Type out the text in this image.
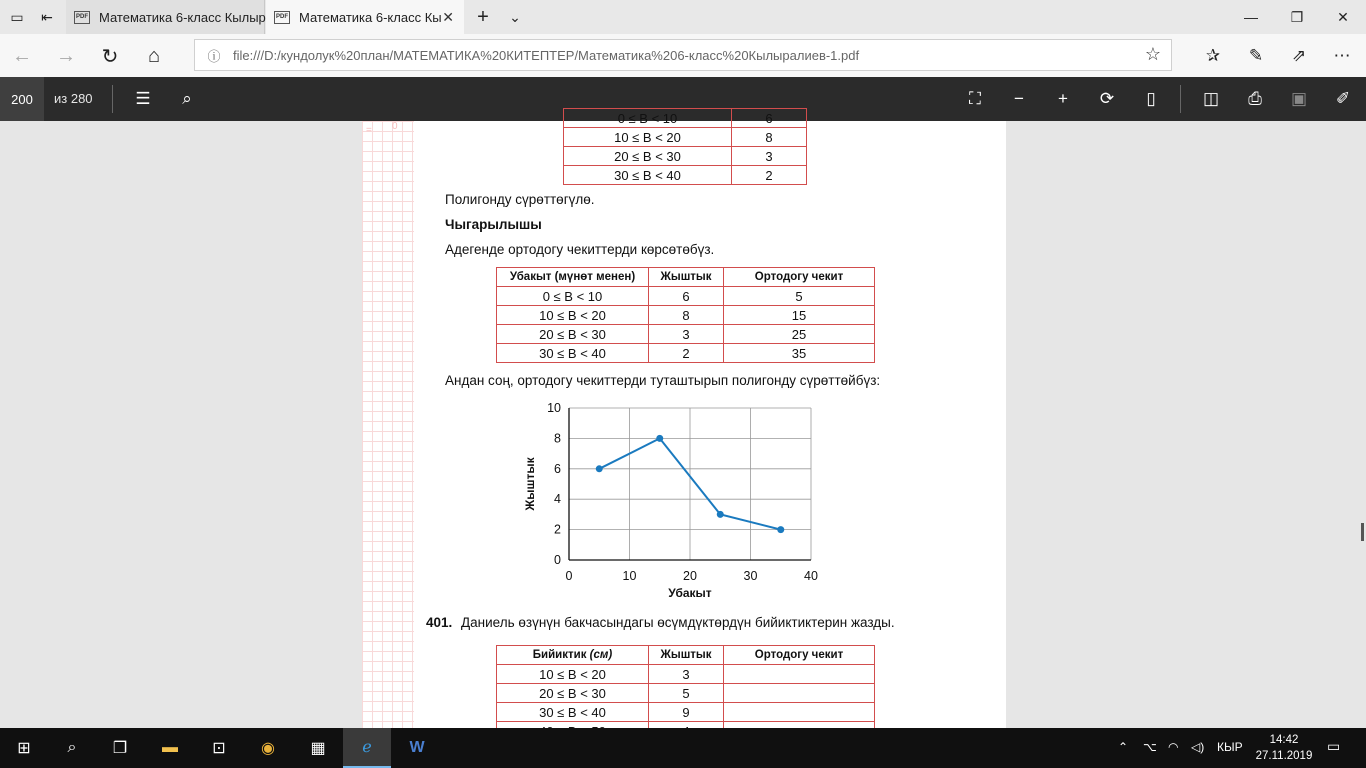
▭	⇤	PDF Математика 6-класс Кылыр	PDF Математика 6-класс Кы ✕	+	⌄	—	❐	✕
←	→	↻	⌂	ⓘ file:///D:/кундолук%20план/МАТЕМАТИКА%20КИТЕПТЕР/Математика%206-класс%20Кылыралиев-1.pdf	☆	✰	✎	⇗	⋯
200	из 280	☰	⌕	⛶	−	+	⟳	▯	◫	⎙	▣	✐
= 0
0 ≤ В < 10	6
10 ≤ В < 20	8
20 ≤ В < 30	3
30 ≤ В < 40	2
Полигонду сүрөттөгүлө.
Чыгарылышы
Адегенде ортодогу чекиттерди көрсөтөбүз.
Убакыт (мүнөт менен)	Жыштык	Ортодогу чекит
0 ≤ В < 10	6	5
10 ≤ В < 20	8	15
20 ≤ В < 30	3	25
30 ≤ В < 40	2	35
Андан соң, ортодогу чекиттерди туташтырып полигонду сүрөттөйбүз:
0	10	20	30	40
0
2
4
6
8
10
Убакыт
Жыштык
401. Даниель өзүнүн бакчасындагы өсүмдүктөрдүн бийиктиктерин жазды.
Бийиктик (см)	Жыштык	Ортодогу чекит
10 ≤ В < 20	3	
20 ≤ В < 30	5	
30 ≤ В < 40	9	

⊞	⌕	❐	▬	⊡	◉	▦	ℯ	W	⌃ ⌥ ◠ ◁) КЫР	14:42
27.11.2019
▭
